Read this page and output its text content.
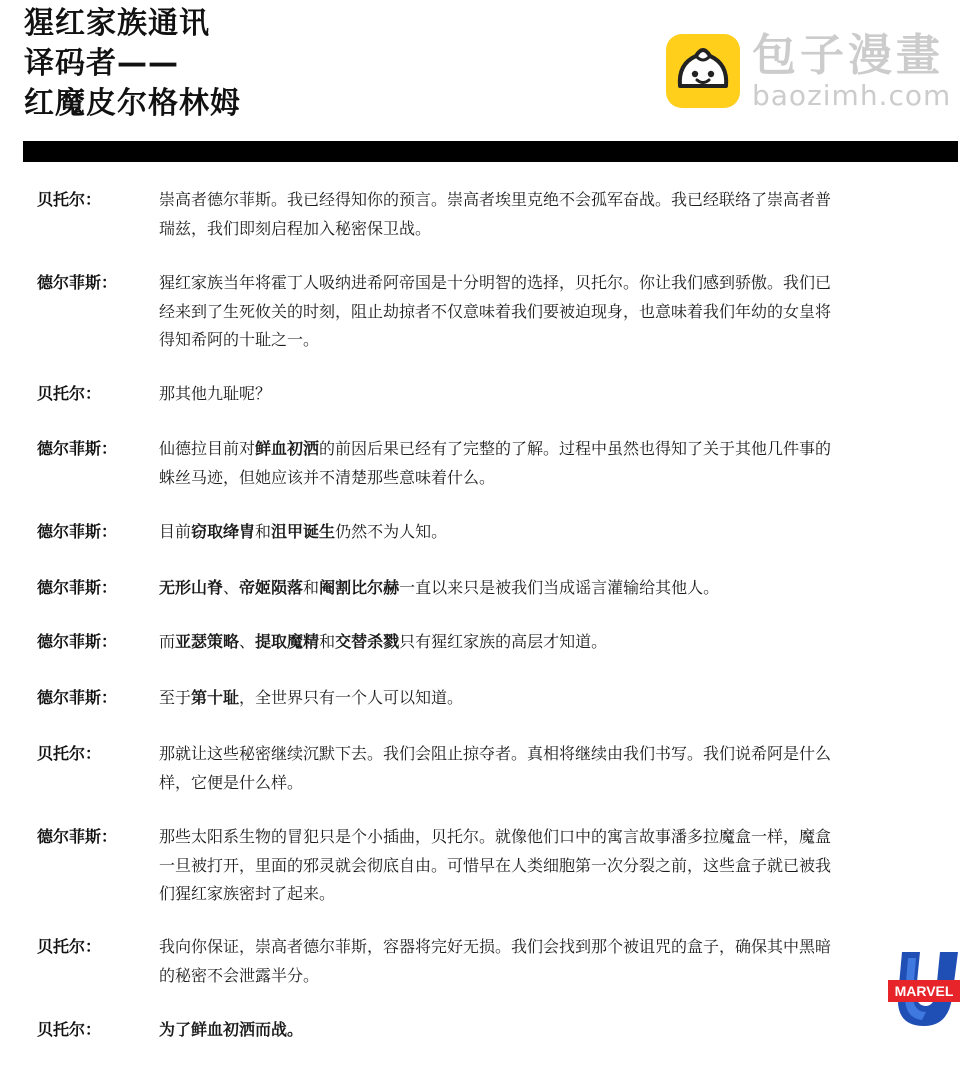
猩红家族通讯
译码者——
红魔皮尔格林姆
包子漫畫
baozimh.com
贝托尔：	崇高者德尔菲斯。我已经得知你的预言。崇高者埃里克绝不会孤军奋战。我已经联络了崇高者普瑞兹，我们即刻启程加入秘密保卫战。
德尔菲斯：	猩红家族当年将霍丁人吸纳进希阿帝国是十分明智的选择，贝托尔。你让我们感到骄傲。我们已经来到了生死攸关的时刻，阻止劫掠者不仅意味着我们要被迫现身，也意味着我们年幼的女皇将得知希阿的十耻之一。
贝托尔：	那其他九耻呢？
德尔菲斯：	仙德拉目前对鲜血初洒的前因后果已经有了完整的了解。过程中虽然也得知了关于其他几件事的蛛丝马迹，但她应该并不清楚那些意味着什么。
德尔菲斯：	目前窃取绛胄和沮甲诞生仍然不为人知。
德尔菲斯：	无形山脊、帝姬陨落和阉割比尔赫一直以来只是被我们当成谣言灌输给其他人。
德尔菲斯：	而亚瑟策略、提取魔精和交替杀戮只有猩红家族的高层才知道。
德尔菲斯：	至于第十耻，全世界只有一个人可以知道。
贝托尔：	那就让这些秘密继续沉默下去。我们会阻止掠夺者。真相将继续由我们书写。我们说希阿是什么样，它便是什么样。
德尔菲斯：	那些太阳系生物的冒犯只是个小插曲，贝托尔。就像他们口中的寓言故事潘多拉魔盒一样，魔盒一旦被打开，里面的邪灵就会彻底自由。可惜早在人类细胞第一次分裂之前，这些盒子就已被我们猩红家族密封了起来。
贝托尔：	我向你保证，崇高者德尔菲斯，容器将完好无损。我们会找到那个被诅咒的盒子，确保其中黑暗的秘密不会泄露半分。
贝托尔：	为了鲜血初洒而战。
MARVEL
